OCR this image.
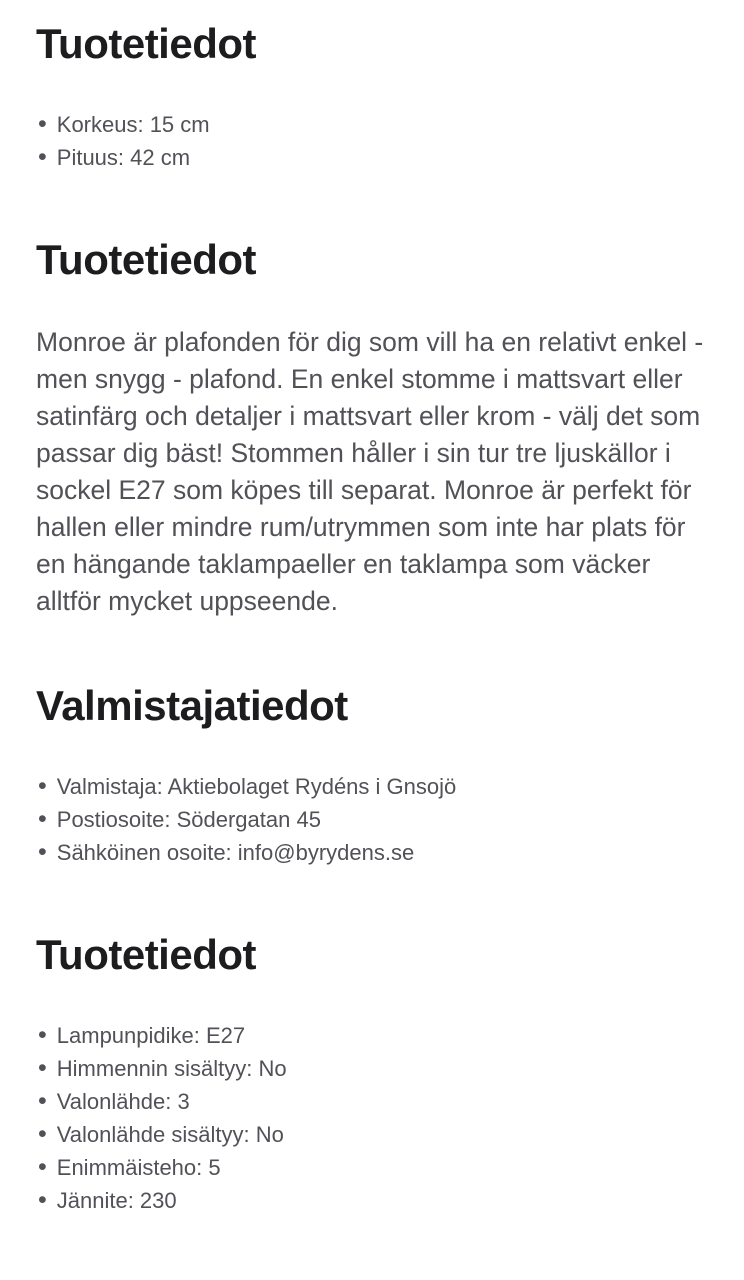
Tuotetiedot
• Korkeus: 15 cm
• Pituus: 42 cm
Tuotetiedot

Monroe är plafonden för dig som vill ha en relativt enkel - men snygg - plafond. En enkel stomme i mattsvart eller satinfärg och detaljer i mattsvart eller krom - välj det som passar dig bäst! Stommen håller i sin tur tre ljuskällor i sockel E27 som köpes till separat. Monroe är perfekt för hallen eller mindre rum/utrymmen som inte har plats för en hängande taklampaeller en taklampa som väcker alltför mycket uppseende.

Valmistajatiedot
• Valmistaja: Aktiebolaget Rydéns i Gnsojö
• Postiosoite: Södergatan 45
• Sähköinen osoite: info@byrydens.se
Tuotetiedot
• Lampunpidike: E27
• Himmennin sisältyy: No
• Valonlähde: 3
• Valonlähde sisältyy: No
• Enimmäisteho: 5
• Jännite: 230
